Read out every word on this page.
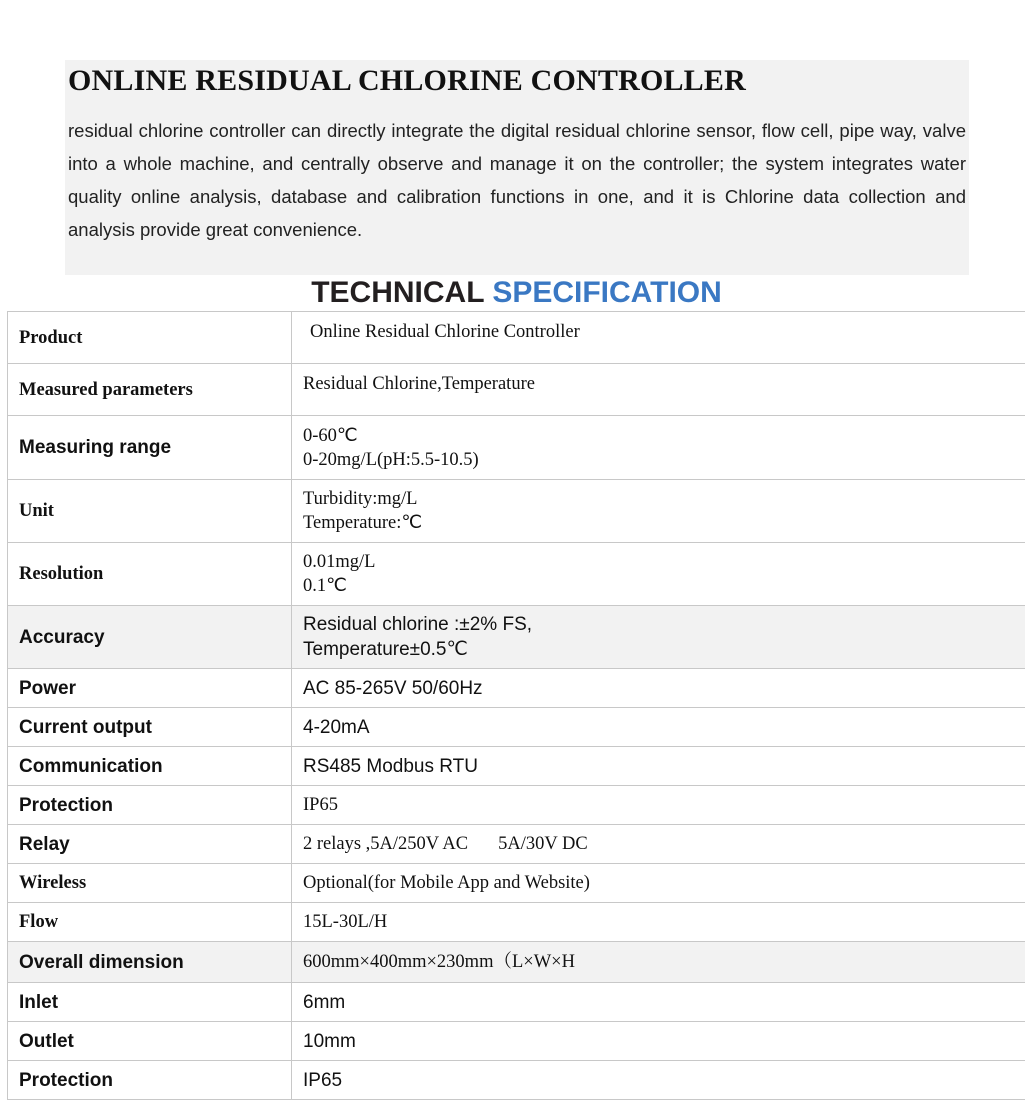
ONLINE RESIDUAL CHLORINE CONTROLLER

residual chlorine controller can directly integrate the digital residual chlorine sensor, flow cell, pipe way, valve into a whole machine, and centrally observe and manage it on the controller; the system integrates water quality online analysis, database and calibration functions in one, and it is Chlorine data collection and analysis provide great convenience.

TECHNICAL SPECIFICATION
Product	Online Residual Chlorine Controller
Measured parameters	Residual Chlorine,Temperature
Measuring range	0-60℃
0-20mg/L(pH:5.5-10.5)

Unit	Turbidity:mg/L
Temperature:℃

Resolution	0.01mg/L
0.1℃

Accuracy	Residual chlorine :±2% FS,
Temperature±0.5℃

Power	AC 85-265V 50/60Hz
Current output	4-20mA
Communication	RS485 Modbus RTU
Protection	IP65
Relay	2 relays ,5A/250V AC 5A/30V DC
Wireless	Optional(for Mobile App and Website)
Flow	15L-30L/H
Overall dimension	600mm×400mm×230mm（L×W×H
Inlet	6mm
Outlet	10mm
Protection	IP65
